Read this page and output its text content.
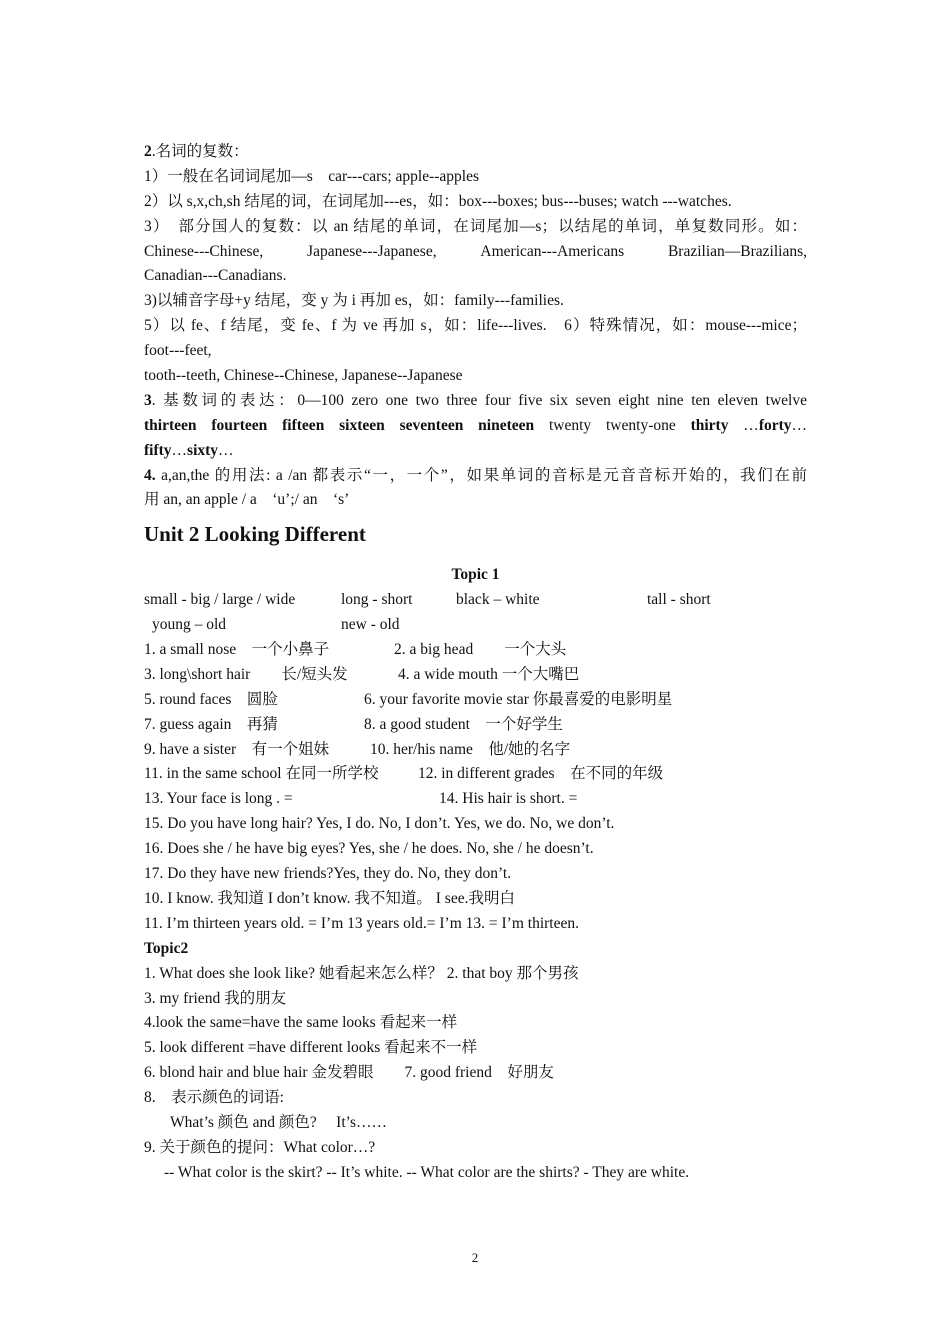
2.名词的复数：
1）一般在名词词尾加—s　car---cars; apple--apples
2）以 s,x,ch,sh 结尾的词，在词尾加---es，如：box---boxes; bus---buses; watch ---watches.
3）　部分国人的复数：以 an 结尾的单词，在词尾加—s；以结尾的单词，单复数同形。如：
Chinese---Chinese,　Japanese---Japanese,　American---Americans　Brazilian—Brazilians,
Canadian---Canadians.
3)以辅音字母+y 结尾，变 y 为 i 再加 es，如：family---families.
5）以 fe、f 结尾，变 fe、f 为 ve 再加 s，如：life---lives.　6）特殊情况，如：mouse---mice；
foot---feet,
tooth--teeth, Chinese--Chinese, Japanese--Japanese
3. 基数词的表达：0—100 zero one two three four five six seven eight nine ten eleven twelve
thirteen fourteen fifteen sixteen seventeen nineteen twenty twenty-one thirty …forty…
fifty…sixty…
4. a,an,the 的用法: a /an 都表示“一，一个”，如果单词的音标是元音音标开始的，我们在前
用 an, an apple / a　‘u’;/ an　‘s’
Unit 2 Looking Different
Topic 1
small - big / large / wide	long - short	black – white	tall - short
young – old	new - old
1. a small nose　一个小鼻子	2. a big head　　一个大头
3. long\short hair　　长/短头发	4. a wide mouth 一个大嘴巴
5. round faces　圆脸	6. your favorite movie star 你最喜爱的电影明星
7. guess again　再猜	8. a good student　一个好学生
9. have a sister　有一个姐妹	10. her/his name　他/她的名字
11. in the same school 在同一所学校	12. in different grades　在不同的年级
13. Your face is long . =	14. His hair is short. =
15. Do you have long hair? Yes, I do. No, I don’t. Yes, we do. No, we don’t.
16. Does she / he have big eyes? Yes, she / he does. No, she / he doesn’t.
17. Do they have new friends?Yes, they do. No, they don’t.
10. I know. 我知道 I don’t know. 我不知道。 I see.我明白
11. I’m thirteen years old. = I’m 13 years old.= I’m 13. = I’m thirteen.
Topic2
1. What does she look like? 她看起来怎么样？ 2. that boy 那个男孩
3. my friend 我的朋友
4.look the same=have the same looks 看起来一样
5. look different =have different looks 看起来不一样
6. blond hair and blue hair 金发碧眼　　7. good friend　好朋友
8.　表示颜色的词语:
What’s 颜色 and 颜色?　 It’s……
9. 关于颜色的提问：What color…?
-- What color is the skirt? -- It’s white. -- What color are the shirts? - They are white.
2
